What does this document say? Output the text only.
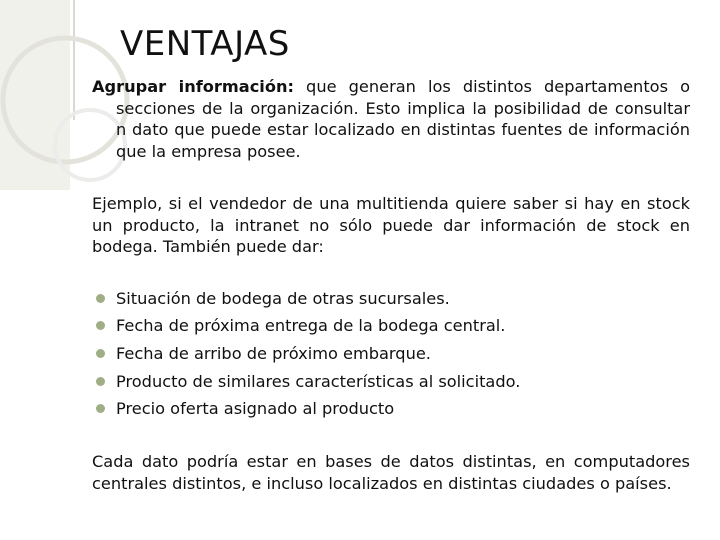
VENTAJAS

Agrupar información: que generan los distintos departamentos o secciones de la organización. Esto implica la posibilidad de consultar n dato que puede estar localizado en distintas fuentes de información que la empresa posee.

Ejemplo, si el vendedor de una multitienda quiere saber si hay en stock un producto, la intranet no sólo puede dar información de stock en bodega. También puede dar:

Situación de bodega de otras sucursales.
Fecha de próxima entrega de la bodega central.
Fecha de arribo de próximo embarque.
Producto de similares características al solicitado.
Precio oferta asignado al producto

Cada dato podría estar en bases de datos distintas, en computadores centrales distintos, e incluso localizados en distintas ciudades o países.
